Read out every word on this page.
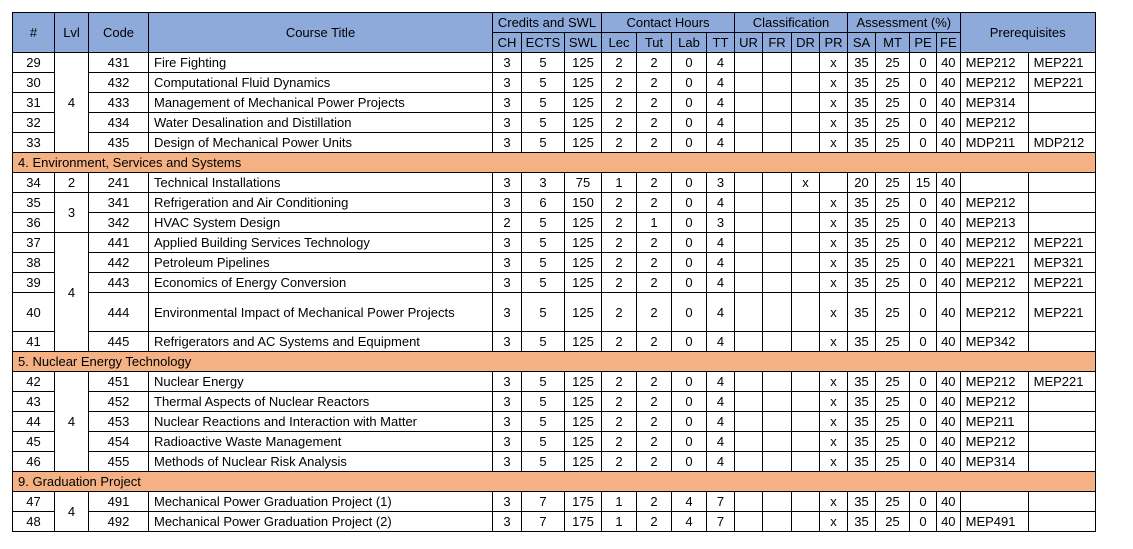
#	Lvl	Code	Course Title	Credits and SWL			Contact Hours				Classification				Assessment (%)				Prerequisites	
				CH	ECTS	SWL	Lec	Tut	Lab	TT	UR	FR	DR	PR	SA	MT	PE	FE		
29	4	431	Fire Fighting	3	5	125	2	2	0	4				x	35	25	0	40	MEP212	MEP221
30		432	Computational Fluid Dynamics	3	5	125	2	2	0	4				x	35	25	0	40	MEP212	MEP221
31		433	Management of Mechanical Power Projects	3	5	125	2	2	0	4				x	35	25	0	40	MEP314	
32		434	Water Desalination and Distillation	3	5	125	2	2	0	4				x	35	25	0	40	MEP212	
33		435	Design of Mechanical Power Units	3	5	125	2	2	0	4				x	35	25	0	40	MDP211	MDP212
4. Environment, Services and Systems																				
34	2	241	Technical Installations	3	3	75	1	2	0	3			x		20	25	15	40		
35	3	341	Refrigeration and Air Conditioning	3	6	150	2	2	0	4				x	35	25	0	40	MEP212	
36		342	HVAC System Design	2	5	125	2	1	0	3				x	35	25	0	40	MEP213	
37	4	441	Applied Building Services Technology	3	5	125	2	2	0	4				x	35	25	0	40	MEP212	MEP221
38		442	Petroleum Pipelines	3	5	125	2	2	0	4				x	35	25	0	40	MEP221	MEP321
39		443	Economics of Energy Conversion	3	5	125	2	2	0	4				x	35	25	0	40	MEP212	MEP221
40		444	Environmental Impact of Mechanical Power Projects	3	5	125	2	2	0	4				x	35	25	0	40	MEP212	MEP221
41		445	Refrigerators and AC Systems and Equipment	3	5	125	2	2	0	4				x	35	25	0	40	MEP342	
5. Nuclear Energy Technology																				
42	4	451	Nuclear Energy	3	5	125	2	2	0	4				x	35	25	0	40	MEP212	MEP221
43		452	Thermal Aspects of Nuclear Reactors	3	5	125	2	2	0	4				x	35	25	0	40	MEP212	
44		453	Nuclear Reactions and Interaction with Matter	3	5	125	2	2	0	4				x	35	25	0	40	MEP211	
45		454	Radioactive Waste Management	3	5	125	2	2	0	4				x	35	25	0	40	MEP212	
46		455	Methods of Nuclear Risk Analysis	3	5	125	2	2	0	4				x	35	25	0	40	MEP314	
9. Graduation Project																				
47	4	491	Mechanical Power Graduation Project (1)	3	7	175	1	2	4	7				x	35	25	0	40		
48		492	Mechanical Power Graduation Project (2)	3	7	175	1	2	4	7				x	35	25	0	40	MEP491	
